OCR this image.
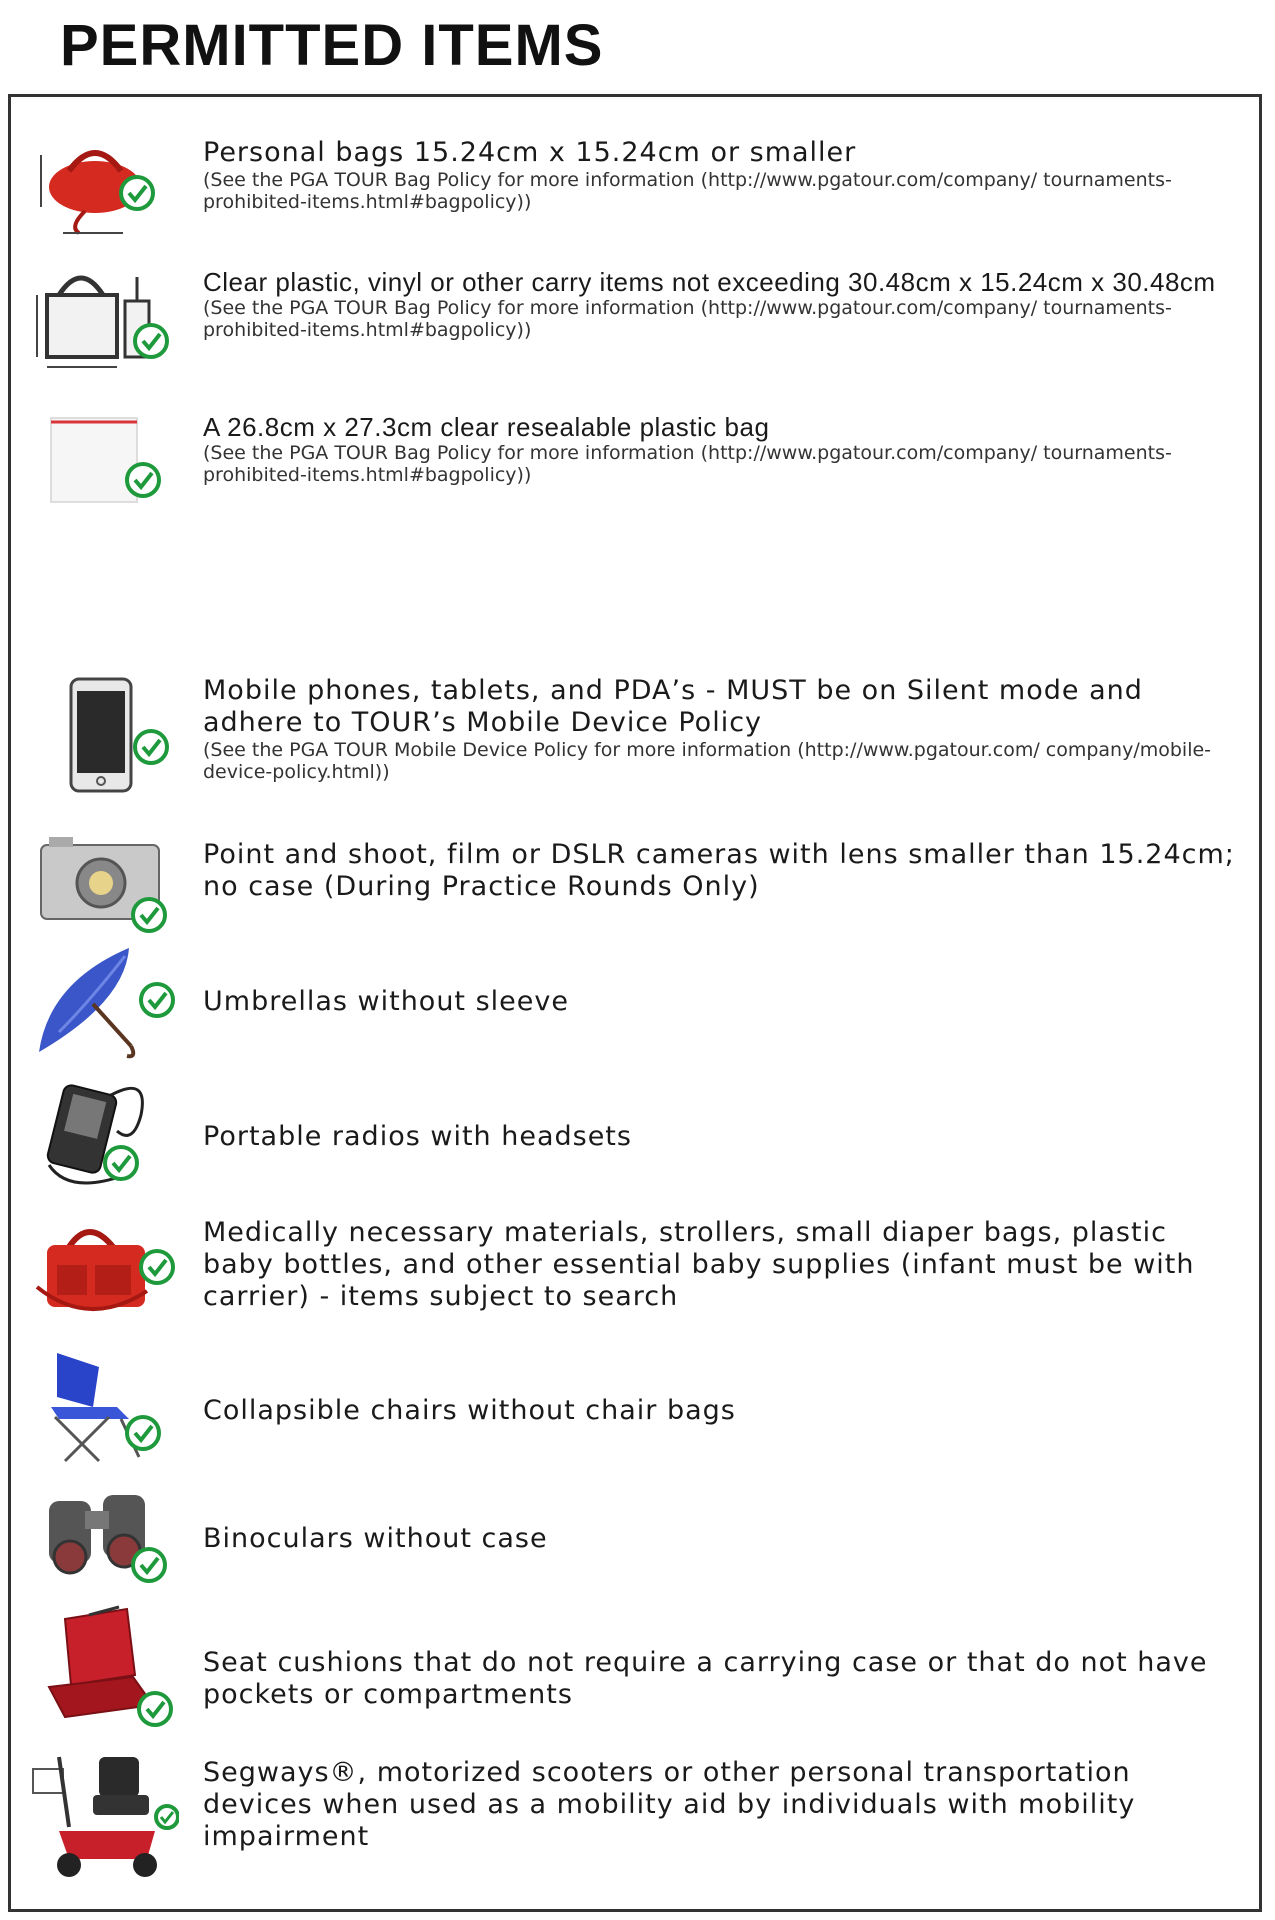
PERMITTED ITEMS
Personal bags 15.24cm x 15.24cm or smaller
(See the PGA TOUR Bag Policy for more information (http://www.pgatour.com/company/ tournaments-prohibited-items.html#bagpolicy))
Clear plastic, vinyl or other carry items not exceeding 30.48cm x 15.24cm x 30.48cm
(See the PGA TOUR Bag Policy for more information (http://www.pgatour.com/company/ tournaments-prohibited-items.html#bagpolicy))
A 26.8cm x 27.3cm clear resealable plastic bag
(See the PGA TOUR Bag Policy for more information (http://www.pgatour.com/company/ tournaments-prohibited-items.html#bagpolicy))
Mobile phones, tablets, and PDA’s - MUST be on Silent mode and adhere to TOUR’s Mobile Device Policy
(See the PGA TOUR Mobile Device Policy for more information (http://www.pgatour.com/ company/mobile-device-policy.html))
Point and shoot, film or DSLR cameras with lens smaller than 15.24cm; no case (During Practice Rounds Only)
Umbrellas without sleeve
Portable radios with headsets
Medically necessary materials, strollers, small diaper bags, plastic baby bottles, and other essential baby supplies (infant must be with carrier) - items subject to search
Collapsible chairs without chair bags
Binoculars without case
Seat cushions that do not require a carrying case or that do not have pockets or compartments
Segways®, motorized scooters or other personal transportation devices when used as a mobility aid by individuals with mobility impairment
